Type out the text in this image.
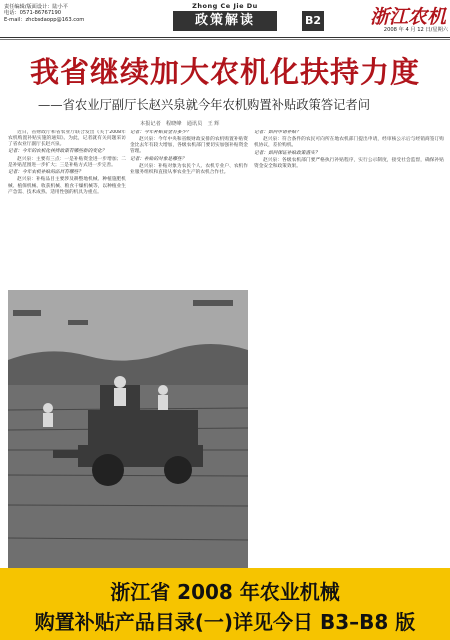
责任编辑/版面设计：陆小平
电话：0571-86767190
E-mail：zhcbsdaopp@163.com
Zhong Ce Jie Du
政策解读	B2	浙江农机
2008 年 4 月 12 日/星期六
我省继续加大农机化扶持力度
——省农业厅副厅长赵兴泉就今年农机购置补贴政策答记者问
本报记者　程晓峰　通讯员　王 辉

近日，省财政厅和省农业厅联合发出《关于2008年农机购置补贴实施的通知》。为此，记者就有关问题采访了省农业厅副厅长赵兴泉。

记者：今年的农机化扶持政策有哪些新的变化？

赵兴泉：主要有三点：一是补贴资金进一步增加；二是补贴范围进一步扩大；三是补贴方式进一步完善。

记者：今年农机补贴的品目有哪些？

赵兴泉：补贴品目主要涉及耕整地机械、种植施肥机械、植保机械、收获机械、粮食干燥机械等，以种植业生产急需、技术成熟、适用性强的机具为重点。

记者：今年补贴资金有多少？

赵兴泉：今年中央和省级财政安排的农机购置补贴资金比去年有较大增加，各级农机部门要切实加强补贴资金管理。

记者：补贴的对象是哪些？

赵兴泉：补贴对象为农民个人、农机专业户、农机作业服务组织和直接从事农业生产的农机合作社。

记者：如何申请补贴？

赵兴泉：符合条件的农民可向所在地农机部门提出申请，经审核公示后与经销商签订购机协议，差价购机。

记者：如何保证补贴政策落实？

赵兴泉：各级农机部门要严格执行补贴程序，实行公示制度，接受社会监督，确保补贴资金安全和政策效果。

浙江省 2008 年农业机械
购置补贴产品目录(一)详见今日 B3–B8 版
